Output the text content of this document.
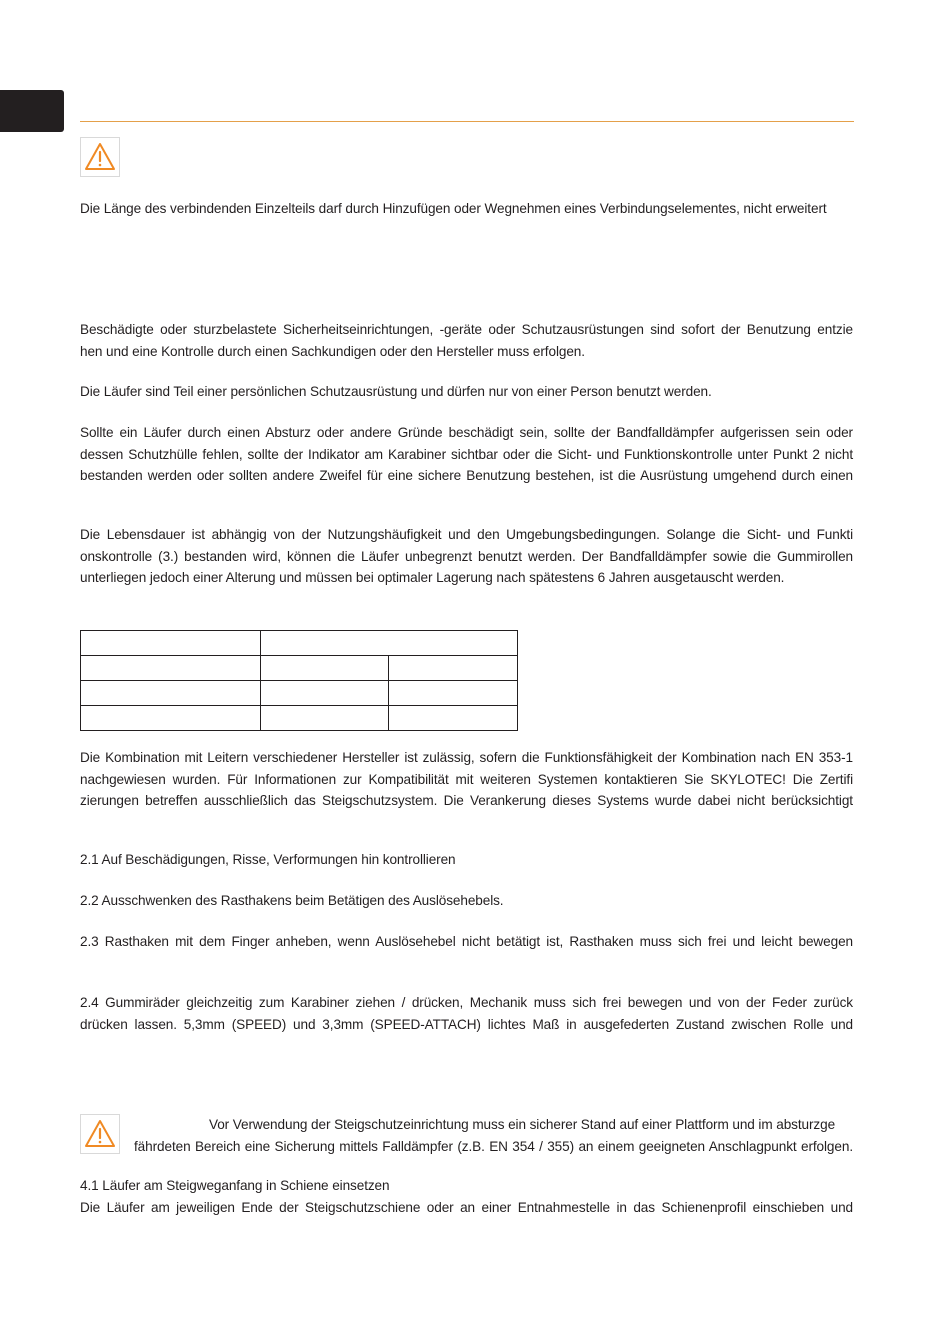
Die Länge des verbindenden Einzelteils darf durch Hinzufügen oder Wegnehmen eines Verbindungselementes, nicht erweitert

Beschädigte oder sturzbelastete Sicherheitseinrichtungen, -geräte oder Schutzausrüstungen sind sofort der Benutzung entzie
hen und eine Kontrolle durch einen Sachkundigen oder den Hersteller muss erfolgen.

Die Läufer sind Teil einer persönlichen Schutzausrüstung und dürfen nur von einer Person benutzt werden.

Sollte ein Läufer durch einen Absturz oder andere Gründe beschädigt sein, sollte der Bandfalldämpfer aufgerissen sein oder
dessen Schutzhülle fehlen, sollte der Indikator am Karabiner sichtbar oder die Sicht- und Funktionskontrolle unter Punkt 2 nicht
bestanden werden oder sollten andere Zweifel für eine sichere Benutzung bestehen, ist die Ausrüstung umgehend durch einen

Die Lebensdauer ist abhängig von der Nutzungshäufigkeit und den Umgebungsbedingungen. Solange die Sicht- und Funkti
onskontrolle (3.) bestanden wird, können die Läufer unbegrenzt benutzt werden. Der Bandfalldämpfer sowie die Gummirollen
unterliegen jedoch einer Alterung und müssen bei optimaler Lagerung nach spätestens 6 Jahren ausgetauscht werden.

Die Kombination mit Leitern verschiedener Hersteller ist zulässig, sofern die Funktionsfähigkeit der Kombination nach EN 353-1
nachgewiesen wurden. Für Informationen zur Kompatibilität mit weiteren Systemen kontaktieren Sie SKYLOTEC! Die Zertifi
zierungen betreffen ausschließlich das Steigschutzsystem. Die Verankerung dieses Systems wurde dabei nicht berücksichtigt

2.1 Auf Beschädigungen, Risse, Verformungen hin kontrollieren

2.2 Ausschwenken des Rasthakens beim Betätigen des Auslösehebels.

2.3 Rasthaken mit dem Finger anheben, wenn Auslösehebel nicht betätigt ist, Rasthaken muss sich frei und leicht bewegen

2.4 Gummiräder gleichzeitig zum Karabiner ziehen / drücken, Mechanik muss sich frei bewegen und von der Feder zurück
drücken lassen. 5,3mm (SPEED) und 3,3mm (SPEED-ATTACH) lichtes Maß in ausgefederten Zustand zwischen Rolle und

Vor Verwendung der Steigschutzeinrichtung muss ein sicherer Stand auf einer Plattform und im absturzge
fährdeten Bereich eine Sicherung mittels Falldämpfer (z.B. EN 354 / 355) an einem geeigneten Anschlagpunkt erfolgen.

4.1 Läufer am Steigweganfang in Schiene einsetzen
Die Läufer am jeweiligen Ende der Steigschutzschiene oder an einer Entnahmestelle in das Schienenprofil einschieben und
